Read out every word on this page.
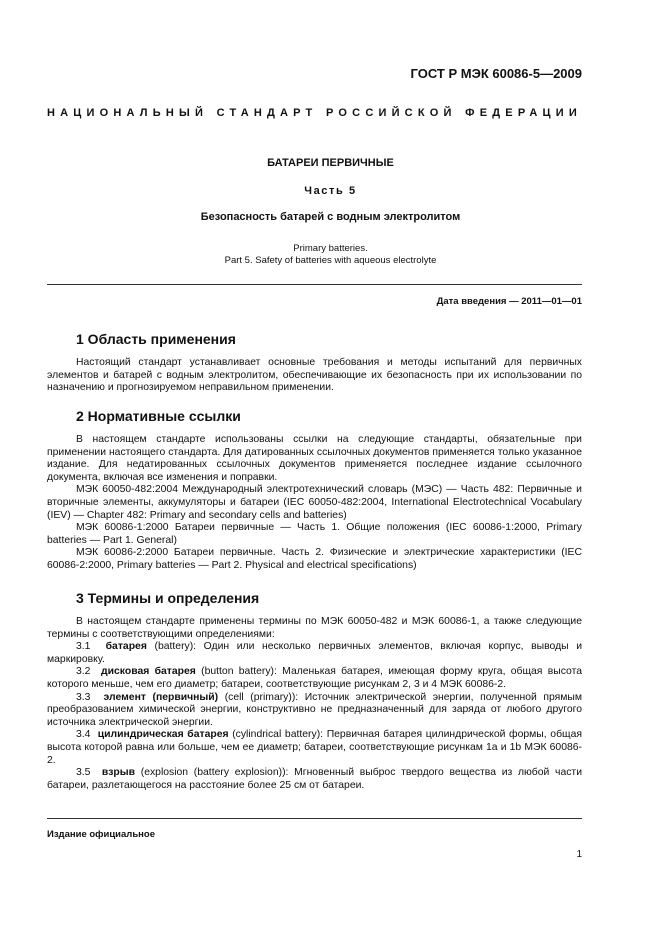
ГОСТ Р МЭК 60086-5—2009
НАЦИОНАЛЬНЫЙ СТАНДАРТ РОССИЙСКОЙ ФЕДЕРАЦИИ
БАТАРЕИ ПЕРВИЧНЫЕ
Часть 5
Безопасность батарей с водным электролитом
Primary batteries.
Part 5. Safety of batteries with aqueous electrolyte
Дата введения — 2011—01—01
1 Область применения

Настоящий стандарт устанавливает основные требования и методы испытаний для первичных элементов и батарей с водным электролитом, обеспечивающие их безопасность при их использовании по назначению и прогнозируемом неправильном применении.

2 Нормативные ссылки

В настоящем стандарте использованы ссылки на следующие стандарты, обязательные при применении настоящего стандарта. Для датированных ссылочных документов применяется только указанное издание. Для недатированных ссылочных документов применяется последнее издание ссылочного документа, включая все изменения и поправки.

МЭК 60050-482:2004 Международный электротехнический словарь (МЭС) — Часть 482: Первичные и вторичные элементы, аккумуляторы и батареи (IEC 60050-482:2004, International Electrotechnical Vocabulary (IEV) — Chapter 482: Primary and secondary cells and batteries)

МЭК 60086-1:2000 Батареи первичные — Часть 1. Общие положения (IEC 60086-1:2000, Primary batteries — Part 1. General)

МЭК 60086-2:2000 Батареи первичные. Часть 2. Физические и электрические характеристики (IEC 60086-2:2000, Primary batteries — Part 2. Physical and electrical specifications)

3 Термины и определения

В настоящем стандарте применены термины по МЭК 60050-482 и МЭК 60086-1, а также следующие термины с соответствующими определениями:

3.1 батарея (battery): Один или несколько первичных элементов, включая корпус, выводы и маркировку.

3.2 дисковая батарея (button battery): Маленькая батарея, имеющая форму круга, общая высота которого меньше, чем его диаметр; батареи, соответствующие рисункам 2, 3 и 4 МЭК 60086-2.

3.3 элемент (первичный) (cell (primary)): Источник электрической энергии, полученной прямым преобразованием химической энергии, конструктивно не предназначенный для заряда от любого другого источника электрической энергии.

3.4 цилиндрическая батарея (cylindrical battery): Первичная батарея цилиндрической формы, общая высота которой равна или больше, чем ее диаметр; батареи, соответствующие рисункам 1а и 1b МЭК 60086-2.

3.5 взрыв (explosion (battery explosion)): Мгновенный выброс твердого вещества из любой части батареи, разлетающегося на расстояние более 25 см от батареи.

Издание официальное
1
